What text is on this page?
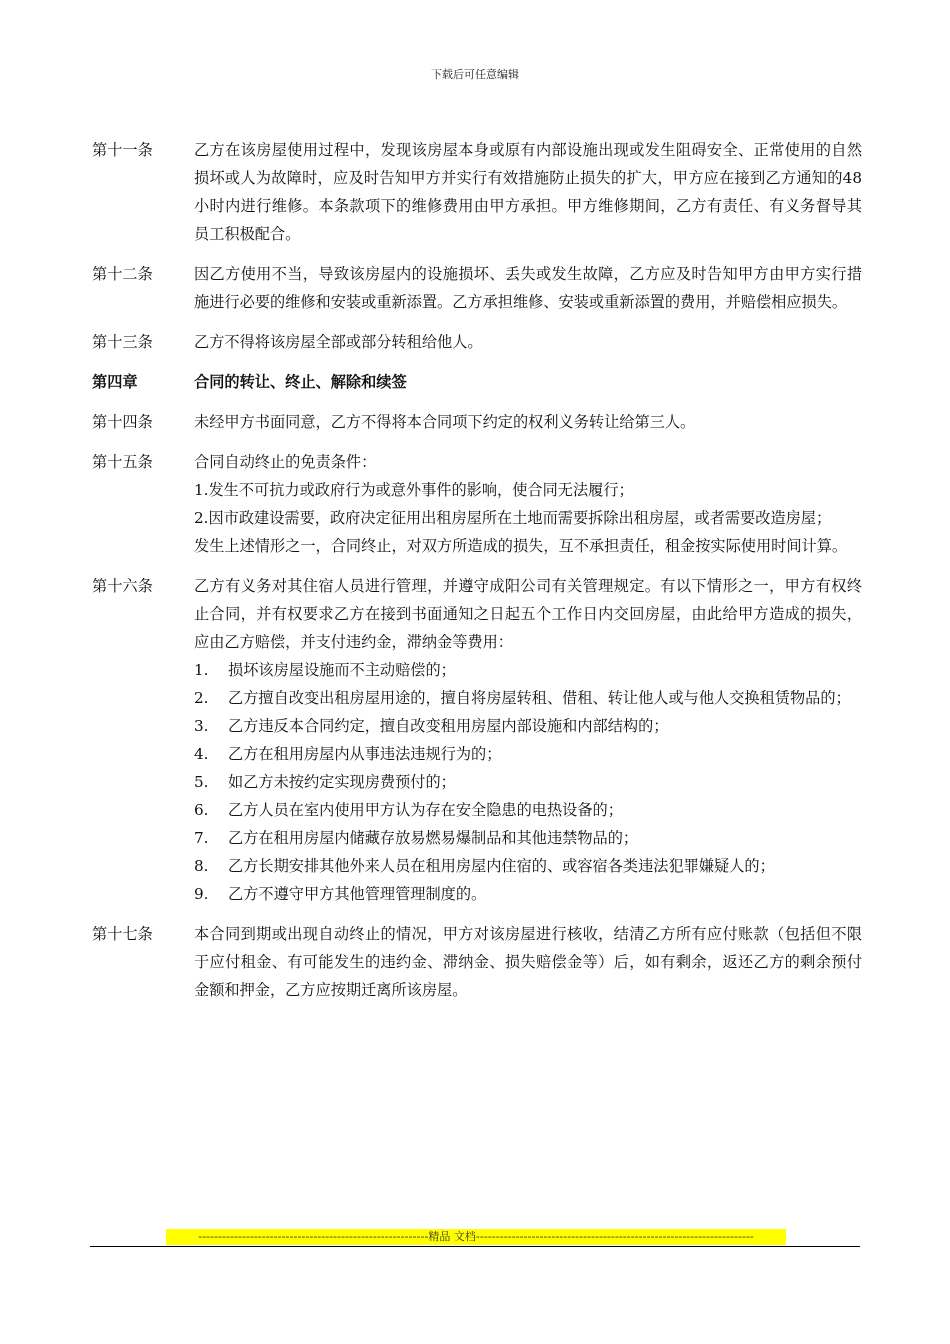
下载后可任意编辑
第十一条	乙方在该房屋使用过程中，发现该房屋本身或原有内部设施出现或发生阻碍安全、正常使用的自然损坏或人为故障时，应及时告知甲方并实行有效措施防止损失的扩大，甲方应在接到乙方通知的48小时内进行维修。本条款项下的维修费用由甲方承担。甲方维修期间，乙方有责任、有义务督导其员工积极配合。
第十二条	因乙方使用不当，导致该房屋内的设施损坏、丢失或发生故障，乙方应及时告知甲方由甲方实行措施进行必要的维修和安装或重新添置。乙方承担维修、安装或重新添置的费用，并赔偿相应损失。
第十三条	乙方不得将该房屋全部或部分转租给他人。
第四章	合同的转让、终止、解除和续签
第十四条	未经甲方书面同意，乙方不得将本合同项下约定的权利义务转让给第三人。
第十五条	合同自动终止的免责条件：
1.发生不可抗力或政府行为或意外事件的影响，使合同无法履行；
2.因市政建设需要，政府决定征用出租房屋所在土地而需要拆除出租房屋，或者需要改造房屋；
发生上述情形之一，合同终止，对双方所造成的损失，互不承担责任，租金按实际使用时间计算。
第十六条	乙方有义务对其住宿人员进行管理，并遵守成阳公司有关管理规定。有以下情形之一，甲方有权终止合同，并有权要求乙方在接到书面通知之日起五个工作日内交回房屋，由此给甲方造成的损失，应由乙方赔偿，并支付违约金，滞纳金等费用：
1.	损坏该房屋设施而不主动赔偿的；
2.	乙方擅自改变出租房屋用途的，擅自将房屋转租、借租、转让他人或与他人交换租赁物品的；
3.	乙方违反本合同约定，擅自改变租用房屋内部设施和内部结构的；
4.	乙方在租用房屋内从事违法违规行为的；
5.	如乙方未按约定实现房费预付的；
6.	乙方人员在室内使用甲方认为存在安全隐患的电热设备的；
7.	乙方在租用房屋内储藏存放易燃易爆制品和其他违禁物品的；
8.	乙方长期安排其他外来人员在租用房屋内住宿的、或容宿各类违法犯罪嫌疑人的；
9.	乙方不遵守甲方其他管理管理制度的。
第十七条	本合同到期或出现自动终止的情况，甲方对该房屋进行核收，结清乙方所有应付账款（包括但不限于应付租金、有可能发生的违约金、滞纳金、损失赔偿金等）后，如有剩余，返还乙方的剩余预付金额和押金，乙方应按期迁离所该房屋。
----------------------------------------------------------精品 文档----------------------------------------------------------------------
